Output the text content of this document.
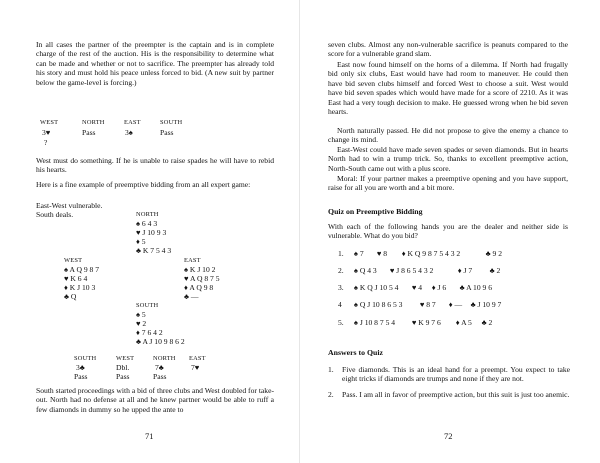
In all cases the partner of the preempter is the captain and is in complete charge of the rest of the auction. His is the responsibility to determine what can be made and whether or not to sacrifice. The preempter has already told his story and must hold his peace unless forced to bid. (A new suit by partner below the game-level is forcing.)

WEST	NORTH	EAST	SOUTH
3♥	Pass	3♠	Pass
?

West must do something. If he is unable to raise spades he will have to rebid his hearts.

Here is a fine example of preemptive bidding from an all expert game:

East-West vulnerable.

South deals.	NORTH
♠ 6 4 3
♥ J 10 9 3
♦ 5
♣ K 7 5 4 3
WEST
♠ A Q 9 8 7
♥ K 6 4
♦ K J 10 3
♣ Q
EAST
♠ K J 10 2
♥ A Q 8 7 5
♦ A Q 9 8
♣ —
SOUTH
♠ 5
♥ 2
♦ 7 6 4 2
♣ A J 10 9 8 6 2
SOUTH	WEST	NORTH EAST
3♣	Dbl.	7♣	7♥
Pass	Pass	Pass

South started proceedings with a bid of three clubs and West doubled for take-out. North had no defense at all and he knew partner would be able to ruff a few diamonds in dummy so he upped the ante to

71

seven clubs. Almost any non-vulnerable sacrifice is peanuts compared to the score for a vulnerable grand slam.

East now found himself on the horns of a dilemma. If North had frugally bid only six clubs, East would have had room to maneuver. He could then have bid seven clubs himself and forced West to choose a suit. West would have bid seven spades which would have made for a score of 2210. As it was East had a very tough decision to make. He guessed wrong when he bid seven hearts.

North naturally passed. He did not propose to give the enemy a chance to change its mind.

East-West could have made seven spades or seven diamonds. But in hearts North had to win a trump trick. So, thanks to excellent preemptive action, North-South came out with a plus score.

Moral: If your partner makes a preemptive opening and you have support, raise for all you are worth and a bit more.

Quiz on Preemptive Bidding

With each of the following hands you are the dealer and neither side is vulnerable. What do you bid?

1. ♠ 7 ♥ 8 ♦ K Q 9 8 7 5 4 3 2	♣ 9 2
2. ♠ Q 4 3 ♥ J 8 6 5 4 3 2	♦ J 7 ♣ 2
3. ♠ K Q J 10 5 4 ♥ 4 ♦ J 6 ♣ A 10 9 6
4 ♠ Q J 10 8 6 5 3 ♥ 8 7 ♦ — ♣ J 10 9 7
5. ♠ J 10 8 7 5 4 ♥ K 9 7 6 ♦ A 5 ♣ 2
Answers to Quiz
1. Five diamonds. This is an ideal hand for a preempt. You expect to take eight tricks if diamonds are trumps and none if they are not.
2. Pass. I am all in favor of preemptive action, but this suit is just too anemic.
72
